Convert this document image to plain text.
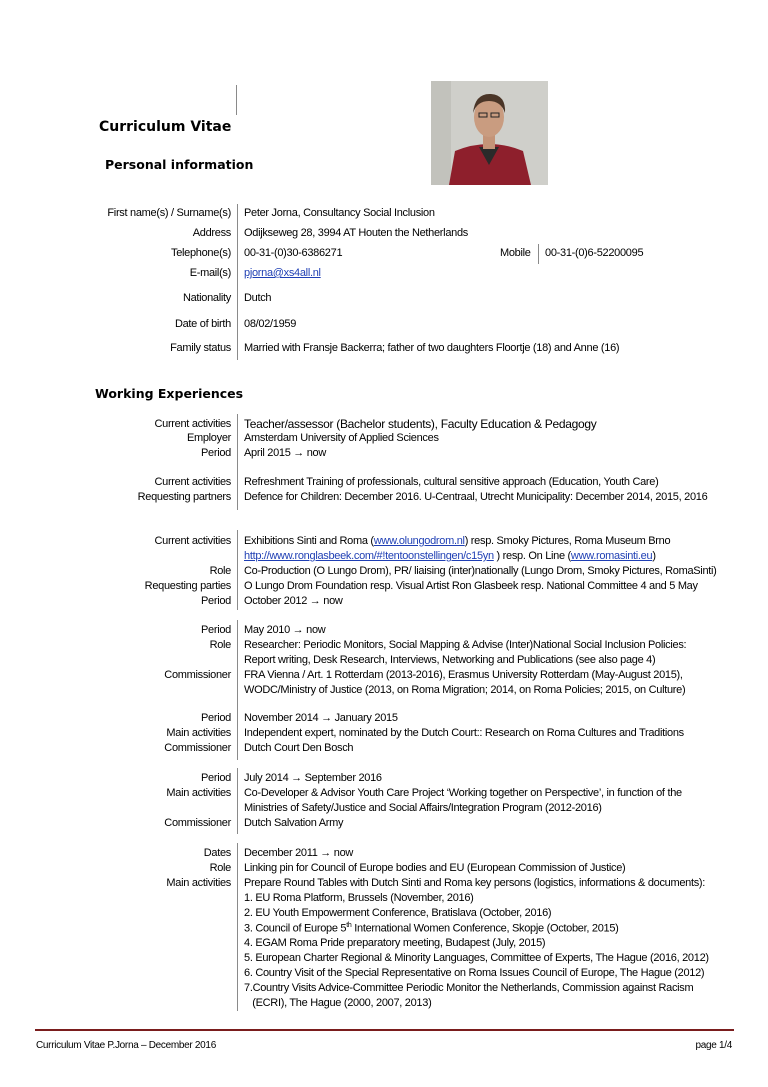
Curriculum Vitae
Personal information
First name(s) / Surname(s) Peter Jorna, Consultancy Social Inclusion
Address Odijkseweg 28, 3994 AT Houten the Netherlands
Telephone(s) 00-31-(0)30-6386271	Mobile 00-31-(0)6-52200095
E-mail(s) pjorna@xs4all.nl
Nationality Dutch
Date of birth 08/02/1959
Family status Married with Fransje Backerra; father of two daughters Floortje (18) and Anne (16)
Working Experiences
Current activities Teacher/assessor (Bachelor students), Faculty Education & Pedagogy
Employer Amsterdam University of Applied Sciences
Period April 2015 → now
Current activities Refreshment Training of professionals, cultural sensitive approach (Education, Youth Care)
Requesting partners Defence for Children: December 2016. U-Centraal, Utrecht Municipality: December 2014, 2015, 2016
Current activities Exhibitions Sinti and Roma (www.olungodrom.nl) resp. Smoky Pictures, Roma Museum Brno
http://www.ronglasbeek.com/#!tentoonstellingen/c15yn ) resp. On Line (www.romasinti.eu)
Role Co-Production (O Lungo Drom), PR/ liaising (inter)nationally (Lungo Drom, Smoky Pictures, RomaSinti)
Requesting parties O Lungo Drom Foundation resp. Visual Artist Ron Glasbeek resp. National Committee 4 and 5 May
Period October 2012 → now
Period May 2010 → now
Role Researcher: Periodic Monitors, Social Mapping & Advise (Inter)National Social Inclusion Policies:
Report writing, Desk Research, Interviews, Networking and Publications (see also page 4)
Commissioner FRA Vienna / Art. 1 Rotterdam (2013-2016), Erasmus University Rotterdam (May-August 2015),
WODC/Ministry of Justice (2013, on Roma Migration; 2014, on Roma Policies; 2015, on Culture)
Period November 2014 → January 2015
Main activities Independent expert, nominated by the Dutch Court:: Research on Roma Cultures and Traditions
Commissioner Dutch Court Den Bosch
Period July 2014 → September 2016
Main activities Co-Developer & Advisor Youth Care Project ‘Working together on Perspective’, in function of the
Ministries of Safety/Justice and Social Affairs/Integration Program (2012-2016)
Commissioner Dutch Salvation Army
Dates December 2011 → now
Role Linking pin for Council of Europe bodies and EU (European Commission of Justice)
Main activities Prepare Round Tables with Dutch Sinti and Roma key persons (logistics, informations & documents):
1. EU Roma Platform, Brussels (November, 2016)
2. EU Youth Empowerment Conference, Bratislava (October, 2016)
3. Council of Europe 5th International Women Conference, Skopje (October, 2015)
4. EGAM Roma Pride preparatory meeting, Budapest (July, 2015)
5. European Charter Regional & Minority Languages, Committee of Experts, The Hague (2016, 2012)
6. Country Visit of the Special Representative on Roma Issues Council of Europe, The Hague (2012)
7.Country Visits Advice-Committee Periodic Monitor the Netherlands, Commission against Racism
(ECRI), The Hague (2000, 2007, 2013)
Curriculum Vitae P.Jorna – December 2016	page 1/4
